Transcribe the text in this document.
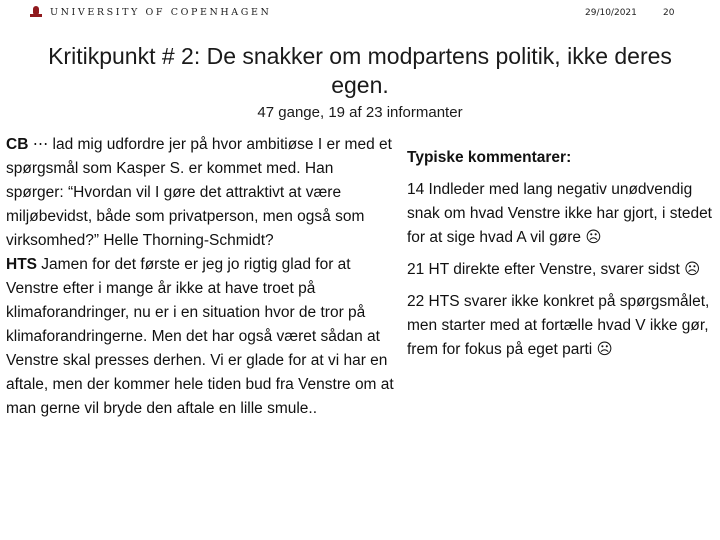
UNIVERSITY OF COPENHAGEN	29/10/2021	20
Kritikpunkt # 2: De snakker om modpartens politik, ikke deres egen.
47 gange, 19 af 23 informanter

CB ⋯ lad mig udfordre jer på hvor ambitiøse I er med et spørgsmål som Kasper S. er kommet med. Han spørger: “Hvordan vil I gøre det attraktivt at være miljøbevidst, både som privatperson, men også som virksomhed?” Helle Thorning-Schmidt?

HTS Jamen for det første er jeg jo rigtig glad for at Venstre efter i mange år ikke at have troet på klimaforandringer, nu er i en situation hvor de tror på klimaforandringerne. Men det har også været sådan at Venstre skal presses derhen. Vi er glade for at vi har en aftale, men der kommer hele tiden bud fra Venstre om at man gerne vil bryde den aftale en lille smule..

Typiske kommentarer:
14 Indleder med lang negativ unødvendig snak om hvad Venstre ikke har gjort, i stedet for at sige hvad A vil gøre ☹
21 HT direkte efter Venstre, svarer sidst ☹
22 HTS svarer ikke konkret på spørgsmålet, men starter med at fortælle hvad V ikke gør, frem for fokus på eget parti ☹
